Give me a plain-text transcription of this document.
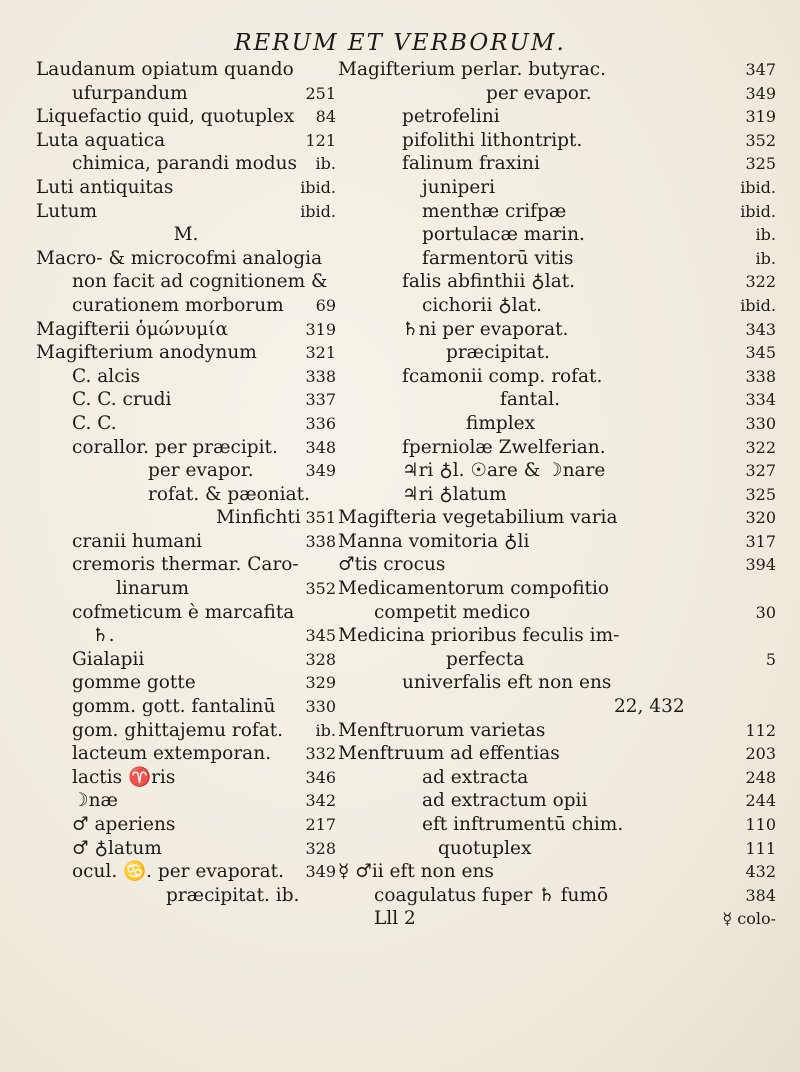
RERUM ET VERBORUM.
Laudanum opiatum quando
ufurpandum	251
Liquefactio quid, quotuplex 84
Luta aquatica	121
chimica, parandi modus ib.
Luti antiquitas	ibid.
Lutum	ibid.
M.
Macro- & microcofmi analogia
non facit ad cognitionem &
curationem morborum 69
Magifterii ὁμώνυμία	319
Magifterium anodynum	321
C. alcis	338
C. C. crudi	337
C. C.	336
corallor. per præcipit. 348
per evapor.	349
rofat. & pæoniat.
Minfichti 351
cranii humani	338
cremoris thermar. Caro-
linarum	352
cofmeticum è marcafita
♄.	345
Gialapii	328
gomme gotte	329
gomm. gott. fantalinū 330
gom. ghittajemu rofat. ib.
lacteum extemporan. 332
lactis ♈ris	346
☽næ	342
♂ aperiens	217
♂ ♁latum	328
ocul. ♋. per evaporat. 349
præcipitat. ib.
Magifterium perlar. butyrac.	347
per evapor.	349
petrofelini	319
pifolithi lithontript.	352
falinum fraxini	325
juniperi	ibid.
menthæ crifpæ	ibid.
portulacæ marin.	ib.
farmentorū vitis	ib.
falis abfinthii ♁lat.	322
cichorii ♁lat.	ibid.
♄ni per evaporat.	343
præcipitat.	345
fcamonii comp. rofat.	338
fantal.	334
fimplex	330
fperniolæ Zwelferian.	322
♃ri ♁l. ☉are & ☽nare	327
♃ri ♁latum	325
Magifteria vegetabilium varia	320
Manna vomitoria ♁li	317
♂tis crocus	394
Medicamentorum compofitio
competit medico	30
Medicina prioribus feculis im-
perfecta	5
univerfalis eft non ens
22, 432
Menftruorum varietas	112
Menftruum ad effentias	203
ad extracta	248
ad extractum opii	244
eft inftrumentū chim.	110
quotuplex	111
☿ ♂ii eft non ens	432
coagulatus fuper ♄ fumō	384
Lll 2	☿ colo-
